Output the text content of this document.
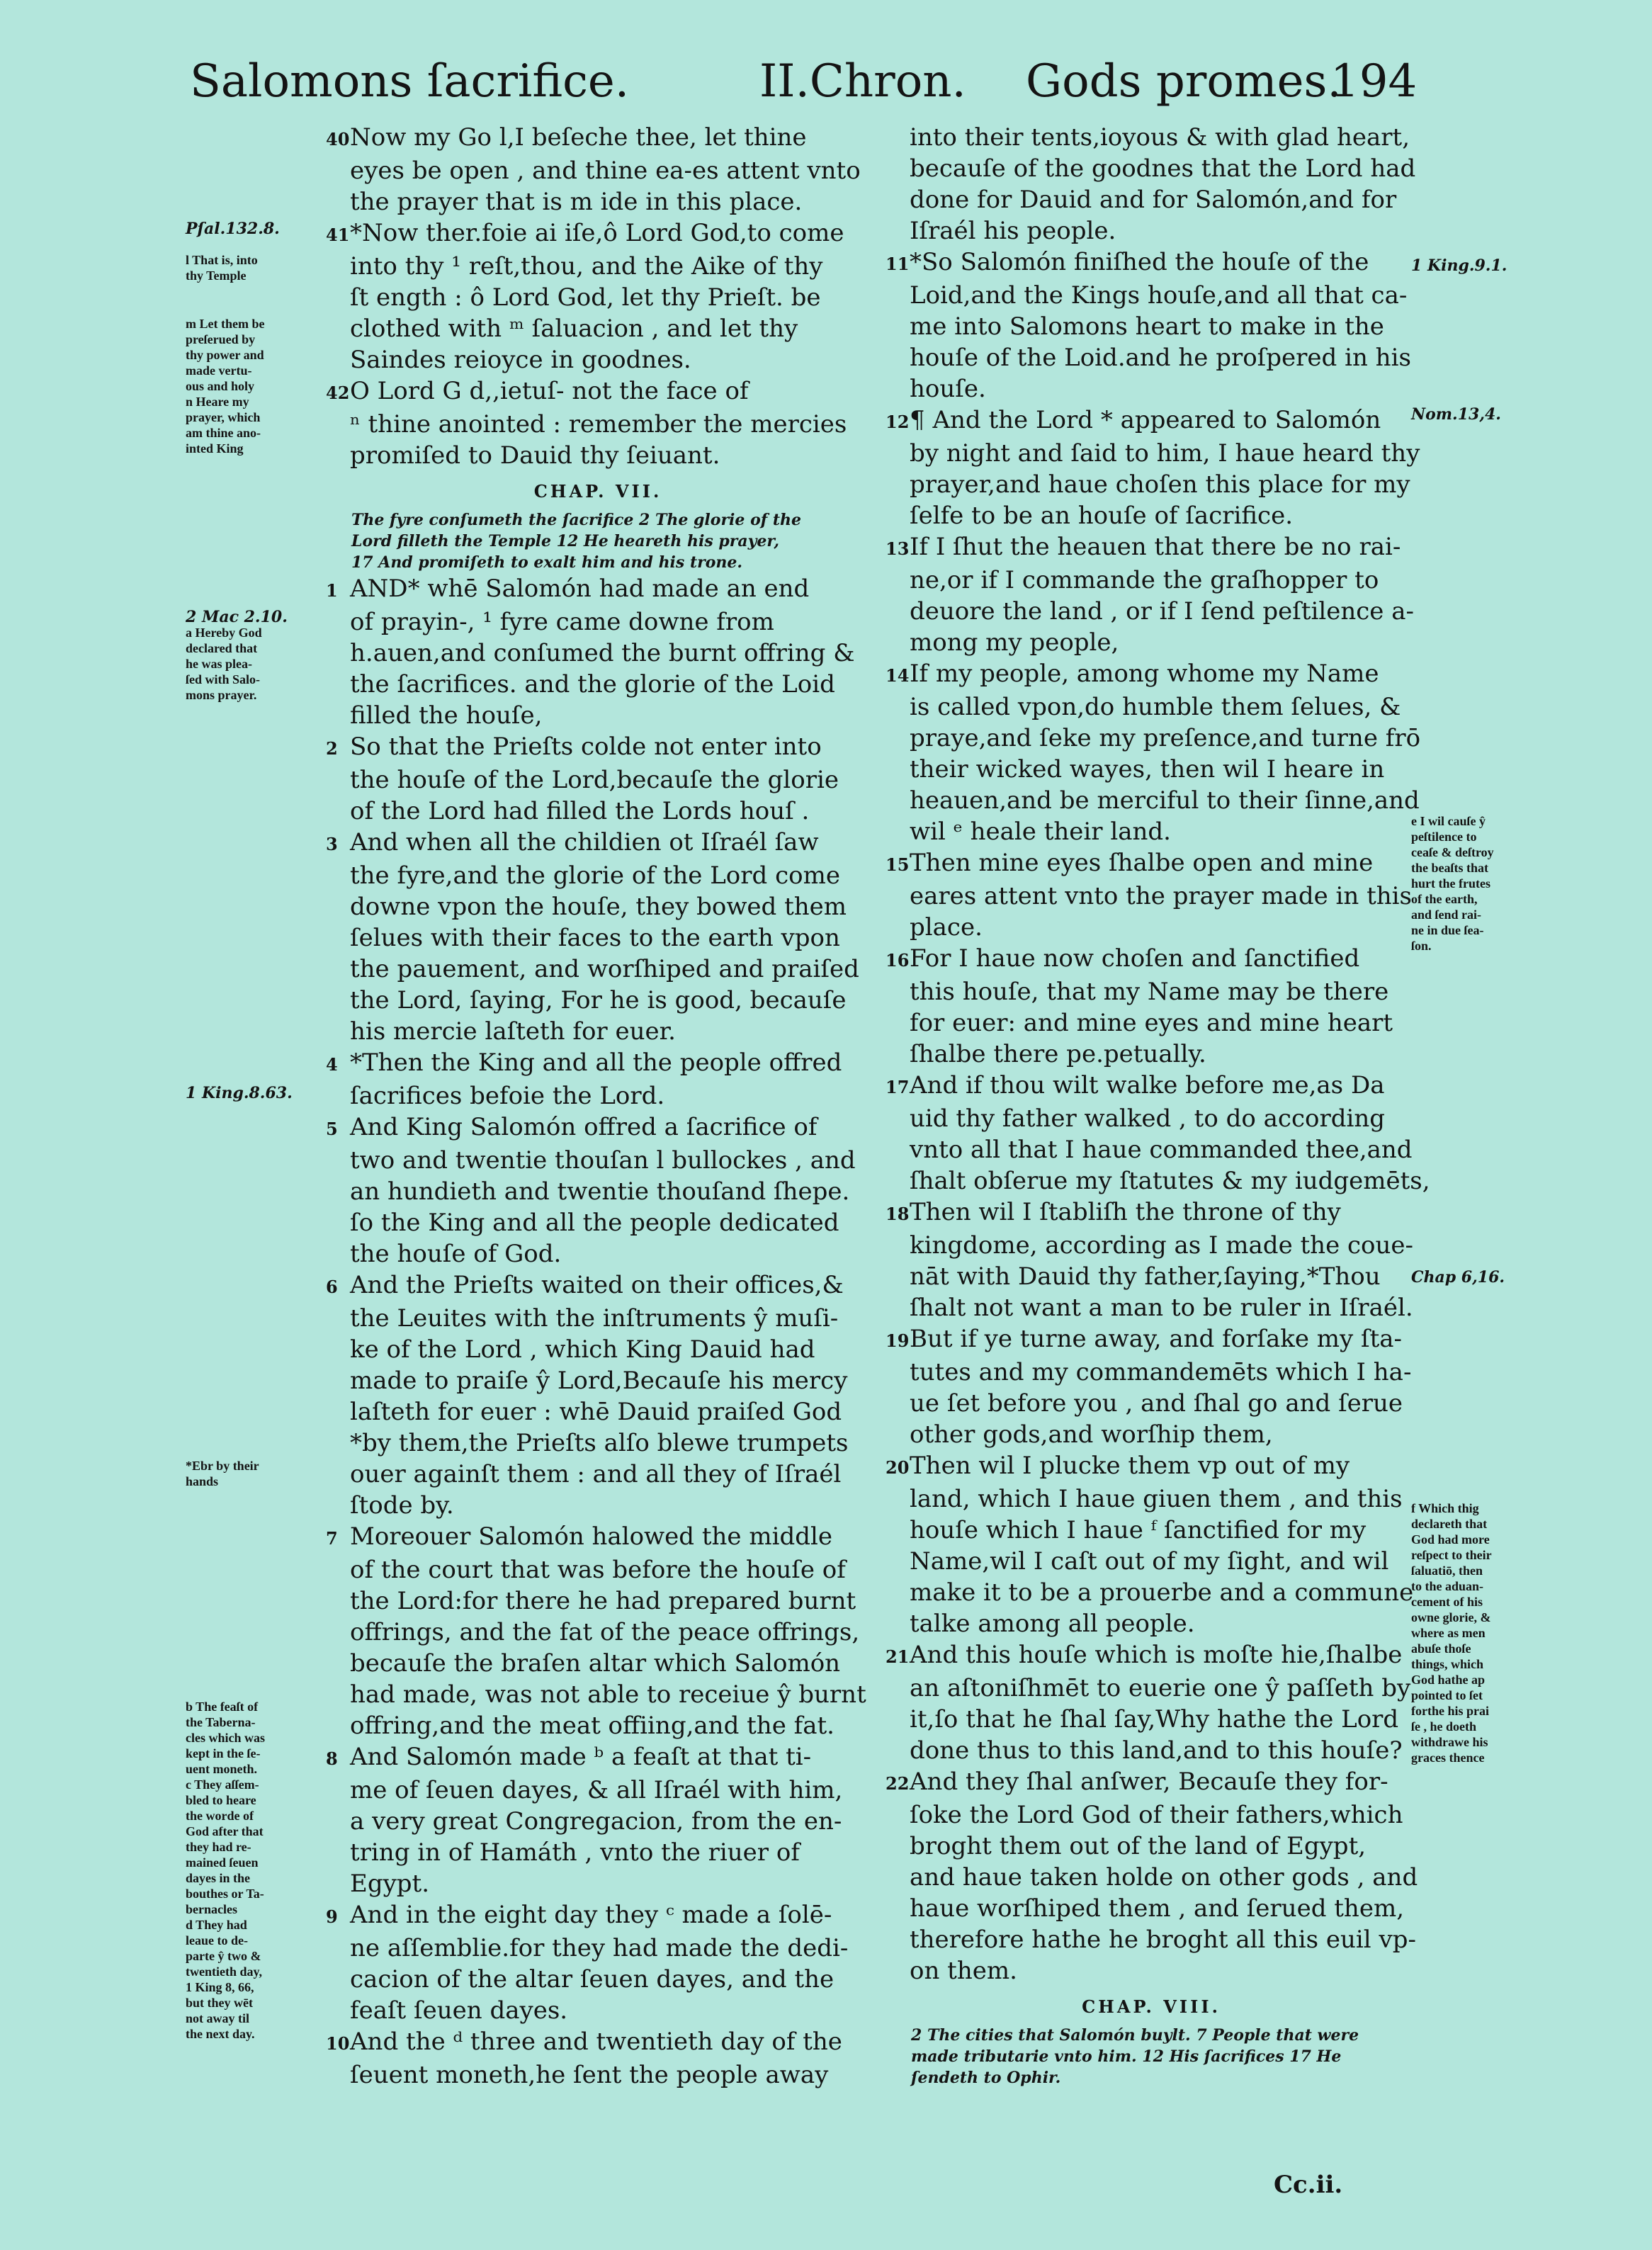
Salomons ſacrifice.	II.Chron. Gods promes.
194
40Now my Go l,I beſeche thee, let thine
eyes be open , and thine ea-es attent vnto
the prayer that is m ide in this place.
41*Now ther.foie ai iſe,ô Lord God,to come
into thy ¹ reſt,thou, and the Aike of thy
ſt ength : ô Lord God, let thy Prieſt. be
clothed with ᵐ ſaluacion , and let thy
Saindes reioyce in goodnes.
42O Lord G d,,ietuſ- not the face of
ⁿ thine anointed : remember the mercies
promiſed to Dauid thy ſeiuant.
CHAP. VII.
The fyre conſumeth the ſacrifice 2 The glorie of the
Lord filleth the Temple 12 He heareth his prayer,
17 And promiſeth to exalt him and his trone.
1 AND* whē Salomón had made an end
of prayin-, ¹ fyre came downe from
h.auen,and conſumed the burnt offring &
the ſacrifices. and the glorie of the Loid
filled the houſe,
2 So that the Prieſts colde not enter into
the houſe of the Lord,becauſe the glorie
of the Lord had filled the Lords houſ .
3 And when all the childien ot Iſraél ſaw
the fyre,and the glorie of the Lord come
downe vpon the houſe, they bowed them
ſelues with their faces to the earth vpon
the pauement, and worſhiped and praiſed
the Lord, ſaying, For he is good, becauſe
his mercie laſteth for euer.
4 *Then the King and all the people offred
ſacrifices befoie the Lord.
5 And King Salomón offred a ſacrifice of
two and twentie thouſan l bullockes , and
an hundieth and twentie thouſand ſhepe.
ſo the King and all the people dedicated
the houſe of God.
6 And the Prieſts waited on their offices,&
the Leuites with the inſtruments ŷ muſi-
ke of the Lord , which King Dauid had
made to praiſe ŷ Lord,Becauſe his mercy
laſteth for euer : whē Dauid praiſed God
*by them,the Prieſts alſo blewe trumpets
ouer againſt them : and all they of Iſraél
ſtode by.
7 Moreouer Salomón halowed the middle
of the court that was before the houſe of
the Lord:for there he had prepared burnt
offrings, and the fat of the peace offrings,
becauſe the braſen altar which Salomón
had made, was not able to receiue ŷ burnt
offring,and the meat offiing,and the fat.
8 And Salomón made ᵇ a feaſt at that ti-
me of ſeuen dayes, & all Iſraél with him,
a very great Congregacion, from the en-
tring in of Hamáth , vnto the riuer of
Egypt.
9 And in the eight day they ᶜ made a ſolē-
ne aſſemblie.for they had made the dedi-
cacion of the altar ſeuen dayes, and the
feaſt ſeuen dayes.
10And the ᵈ three and twentieth day of the
ſeuent moneth,he ſent the people away
into their tents,ioyous & with glad heart,
becauſe of the goodnes that the Lord had
done for Dauid and for Salomón,and for
Iſraél his people.
11*So Salomón finiſhed the houſe of the
Loid,and the Kings houſe,and all that ca-
me into Salomons heart to make in the
houſe of the Loid.and he proſpered in his
houſe.
12¶ And the Lord * appeared to Salomón
by night and ſaid to him, I haue heard thy
prayer,and haue choſen this place for my
ſelfe to be an houſe of ſacrifice.
13If I ſhut the heauen that there be no rai-
ne,or if I commande the graſhopper to
deuore the land , or if I ſend peſtilence a-
mong my people,
14If my people, among whome my Name
is called vpon,do humble them ſelues, &
praye,and ſeke my preſence,and turne frō
their wicked wayes, then wil I heare in
heauen,and be merciful to their ſinne,and
wil ᵉ heale their land.
15Then mine eyes ſhalbe open and mine
eares attent vnto the prayer made in this
place.
16For I haue now choſen and ſanctified
this houſe, that my Name may be there
for euer: and mine eyes and mine heart
ſhalbe there pe.petually.
17And if thou wilt walke before me,as Da
uid thy father walked , to do according
vnto all that I haue commanded thee,and
ſhalt obſerue my ſtatutes & my iudgemēts,
18Then wil I ſtabliſh the throne of thy
kingdome, according as I made the coue-
nāt with Dauid thy father,ſaying,*Thou
ſhalt not want a man to be ruler in Iſraél.
19But if ye turne away, and forſake my ſta-
tutes and my commandemēts which I ha-
ue ſet before you , and ſhal go and ſerue
other gods,and worſhip them,
20Then wil I plucke them vp out of my
land, which I haue giuen them , and this
houſe which I haue ᶠ ſanctified for my
Name,wil I caſt out of my ſight, and wil
make it to be a prouerbe and a commune
talke among all people.
21And this houſe which is moſte hie,ſhalbe
an aſtoniſhmēt to euerie one ŷ paſſeth by
it,ſo that he ſhal ſay,Why hathe the Lord
done thus to this land,and to this houſe?
22And they ſhal anſwer, Becauſe they for-
ſoke the Lord God of their fathers,which
broght them out of the land of Egypt,
and haue taken holde on other gods , and
haue worſhiped them , and ſerued them,
therefore hathe he broght all this euil vp-
on them.
CHAP. VIII.
2 The cities that Salomón buylt. 7 People that were
made tributarie vnto him. 12 His ſacrifices 17 He
ſendeth to Ophir.
Pſal.132.8.
l That is, into
thy Temple
m Let them be
preſerued by
thy power and
made vertu-
ous and holy
n Heare my
prayer, which
am thine ano-
inted King
2 Mac 2.10.
a Hereby God
declared that
he was plea-
ſed with Salo-
mons prayer.
1 King.8.63.
*Ebr by their
hands
b The feaſt of
the Taberna-
cles which was
kept in the ſe-
uent moneth.
c They aſſem-
bled to heare
the worde of
God after that
they had re-
mained ſeuen
dayes in the
bouthes or Ta-
bernacles
d They had
leaue to de-
parte ŷ two &
twentieth day,
1 King 8, 66,
but they wēt
not away til
the next day.
1 King.9.1.
Nom.13,4.
e I wil cauſe ŷ
peſtilence to
ceaſe & deſtroy
the beaſts that
hurt the frutes
of the earth,
and ſend rai-
ne in due ſea-
ſon.
Chap 6,16.
f Which thig
declareth that
God had more
reſpect to their
ſaluatiō, then
to the aduan-
cement of his
owne glorie, &
where as men
abuſe thoſe
things, which
God hathe ap
pointed to ſet
forthe his prai
ſe , he doeth
withdrawe his
graces thence
Cc.ii.
